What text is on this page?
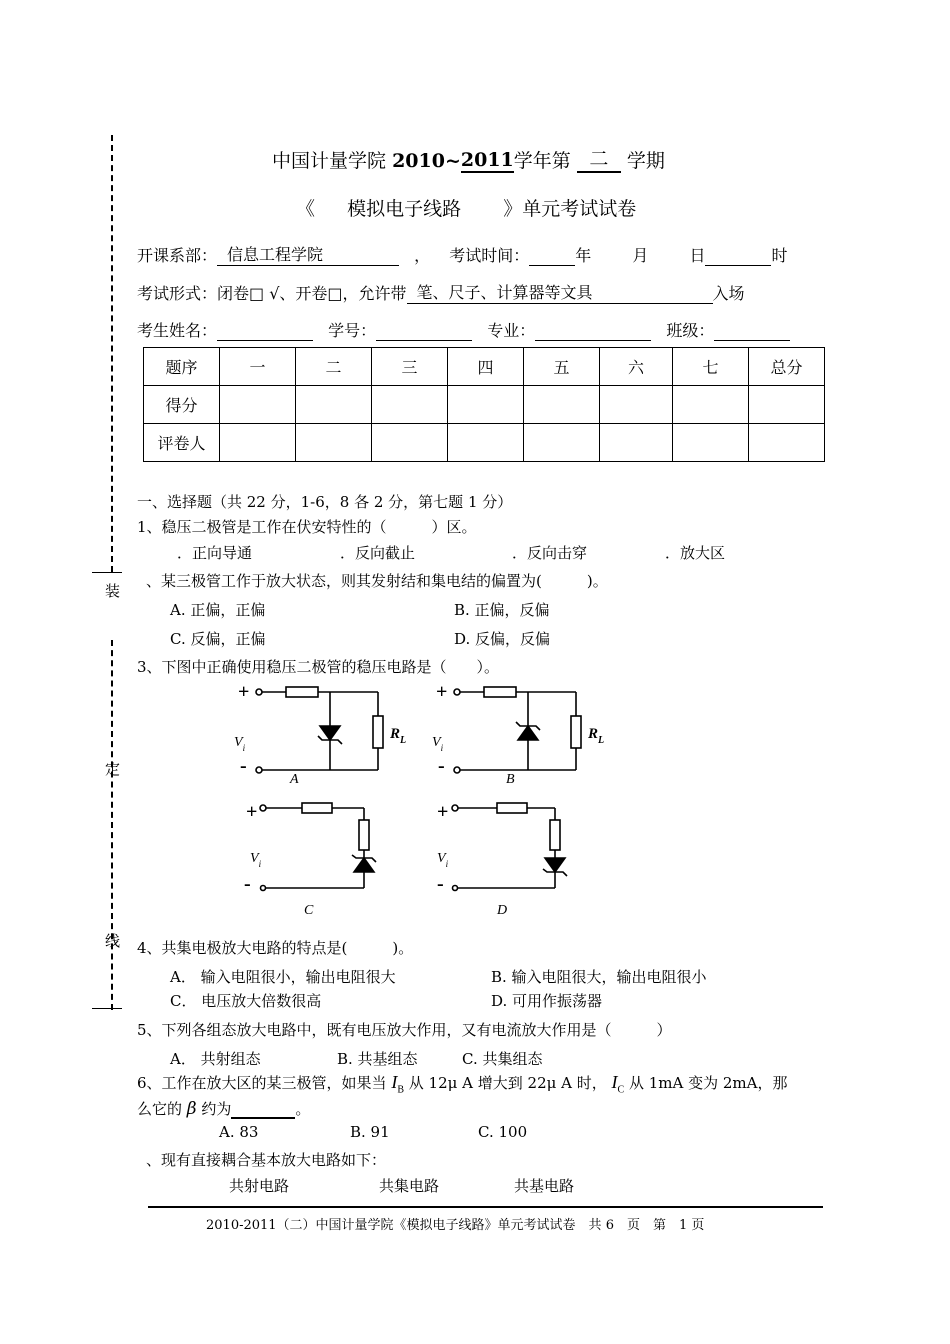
装
定
线
中国计量学院 2010~2011学年第 二 学期
《 模拟电子线路 》单元考试试卷
开课系部： 信息工程学院	， 考试时间：	年	月	日	时
考试形式：闭卷□ √、开卷□，允许带 笔、尺子、计算器等文具	入场
考生姓名：	学号：	专业：	班级：
题序	一	二	三	四	五	六	七	总分
得分								
评卷人								
一、选择题（共 22 分，1-6，8 各 2 分，第七题 1 分）
1、稳压二极管是工作在伏安特性的（　　　）区。
．正向导通	．反向截止	．反向击穿	．放大区
、某三极管工作于放大状态，则其发射结和集电结的偏置为(　　　)。
A. 正偏，正偏	B. 正偏，反偏
C. 反偏，正偏	D. 反偏，反偏
3、下图中正确使用稳压二极管的稳压电路是（　　）。
+
-
$V_i$
$R_L$
A
+
-
$V_i$
$R_L$
B
+
-
$V_i$
C
+
-
$V_i$
D
4、共集电极放大电路的特点是(　　　)。
A． 输入电阻很小，输出电阻很大	B. 输入电阻很大，输出电阻很小
C． 电压放大倍数很高	D. 可用作振荡器
5、下列各组态放大电路中，既有电压放大作用，又有电流放大作用是（　　　）
A． 共射组态	B. 共基组态	C. 共集组态
6、工作在放大区的某三极管，如果当 $I_B$ 从 12μ A 增大到 22μ A 时， $I_C$ 从 1mA 变为 2mA，那
么它的 β 约为	。
A. 83	B. 91	C. 100
、现有直接耦合基本放大电路如下：
共射电路	共集电路	共基电路
2010-2011（二）中国计量学院《模拟电子线路》单元考试试卷　共 6　页　第　1 页
